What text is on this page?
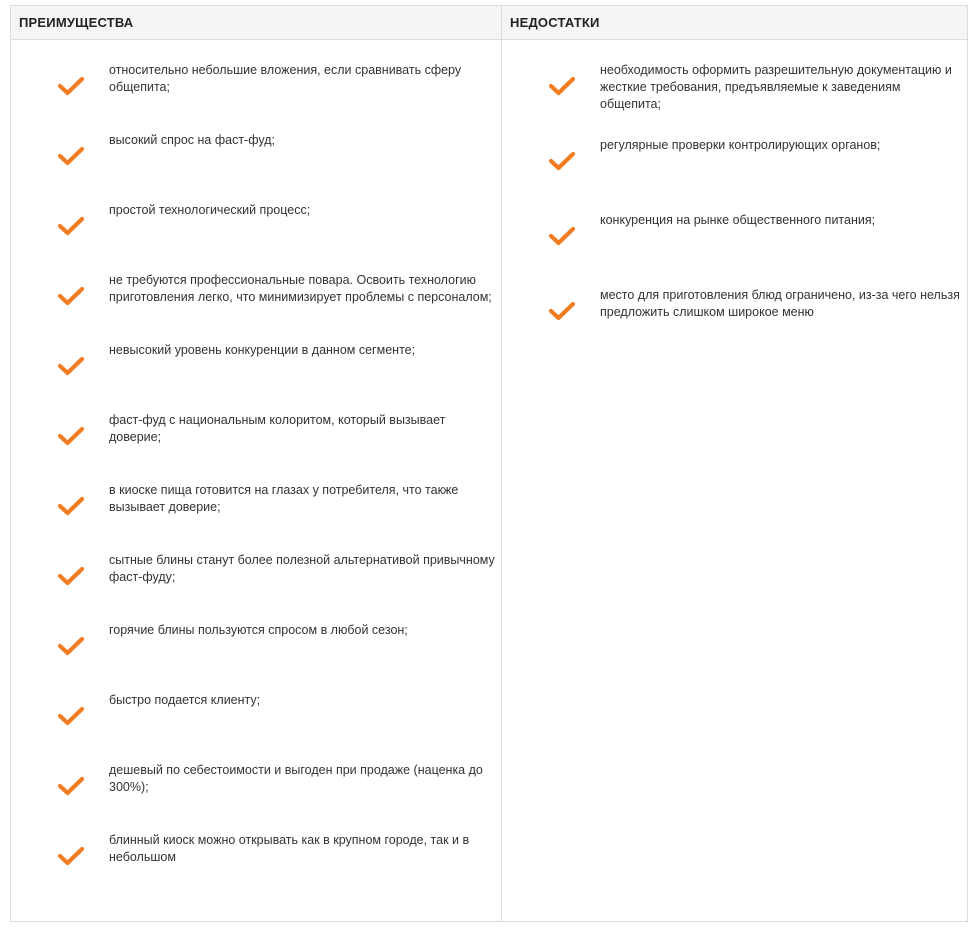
ПРЕИМУЩЕСТВА
относительно небольшие вложения, если сравнивать сферу общепита;
высокий спрос на фаст-фуд;
простой технологический процесс;
не требуются профессиональные повара. Освоить технологию приготовления легко, что минимизирует проблемы с персоналом;
невысокий уровень конкуренции в данном сегменте;
фаст-фуд с национальным колоритом, который вызывает доверие;
в киоске пища готовится на глазах у потребителя, что также вызывает доверие;
сытные блины станут более полезной альтернативой привычному фаст-фуду;
горячие блины пользуются спросом в любой сезон;
быстро подается клиенту;
дешевый по себестоимости и выгоден при продаже (наценка до 300%);
блинный киоск можно открывать как в крупном городе, так и в небольшом
НЕДОСТАТКИ
необходимость оформить разрешительную документацию и жесткие требования, предъявляемые к заведениям общепита;
регулярные проверки контролирующих органов;
конкуренция на рынке общественного питания;
место для приготовления блюд ограничено, из-за чего нельзя предложить слишком широкое меню
